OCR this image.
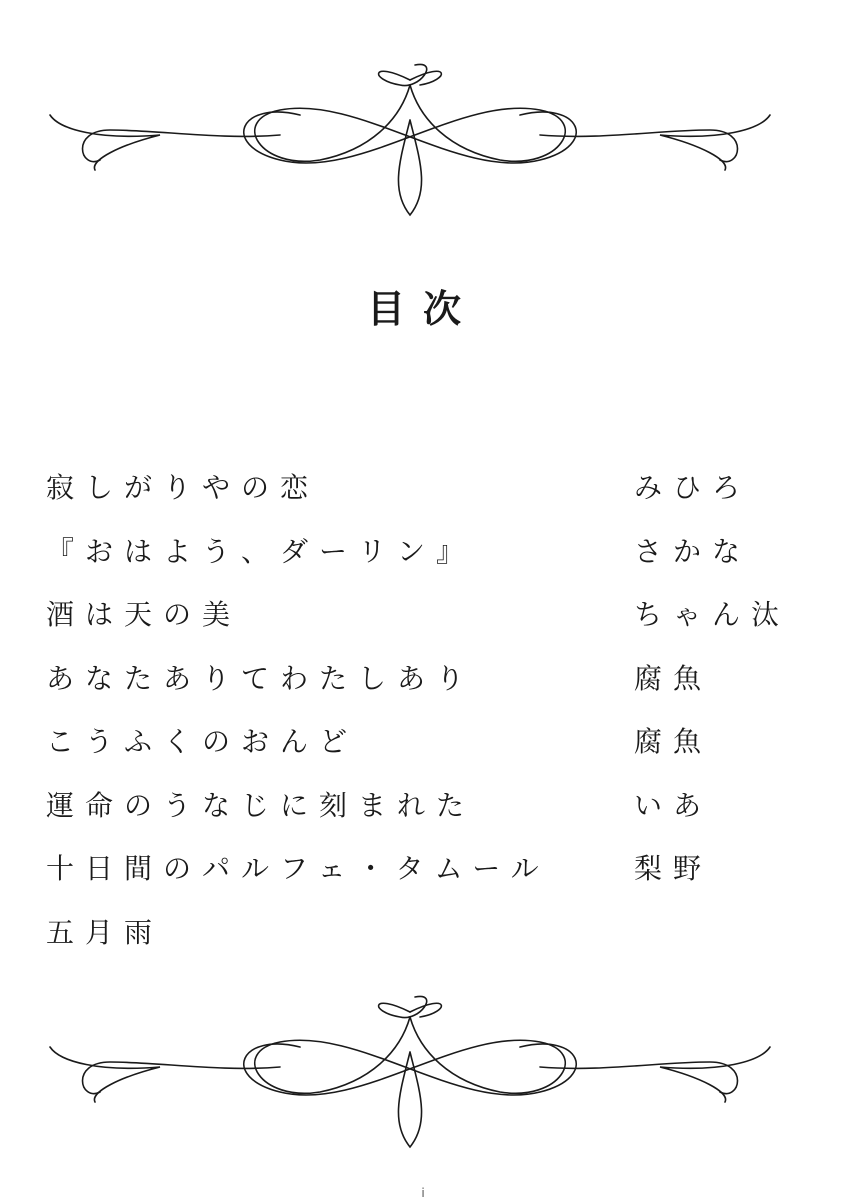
目次
寂しがりやの恋	みひろ
『おはよう、ダーリン』	さかな
酒は天の美	ちゃん汰
あなたありてわたしあり	腐魚
こうふくのおんど	腐魚
運命のうなじに刻まれた	いあ
十日間のパルフェ・タムール	梨野
五月雨
i
